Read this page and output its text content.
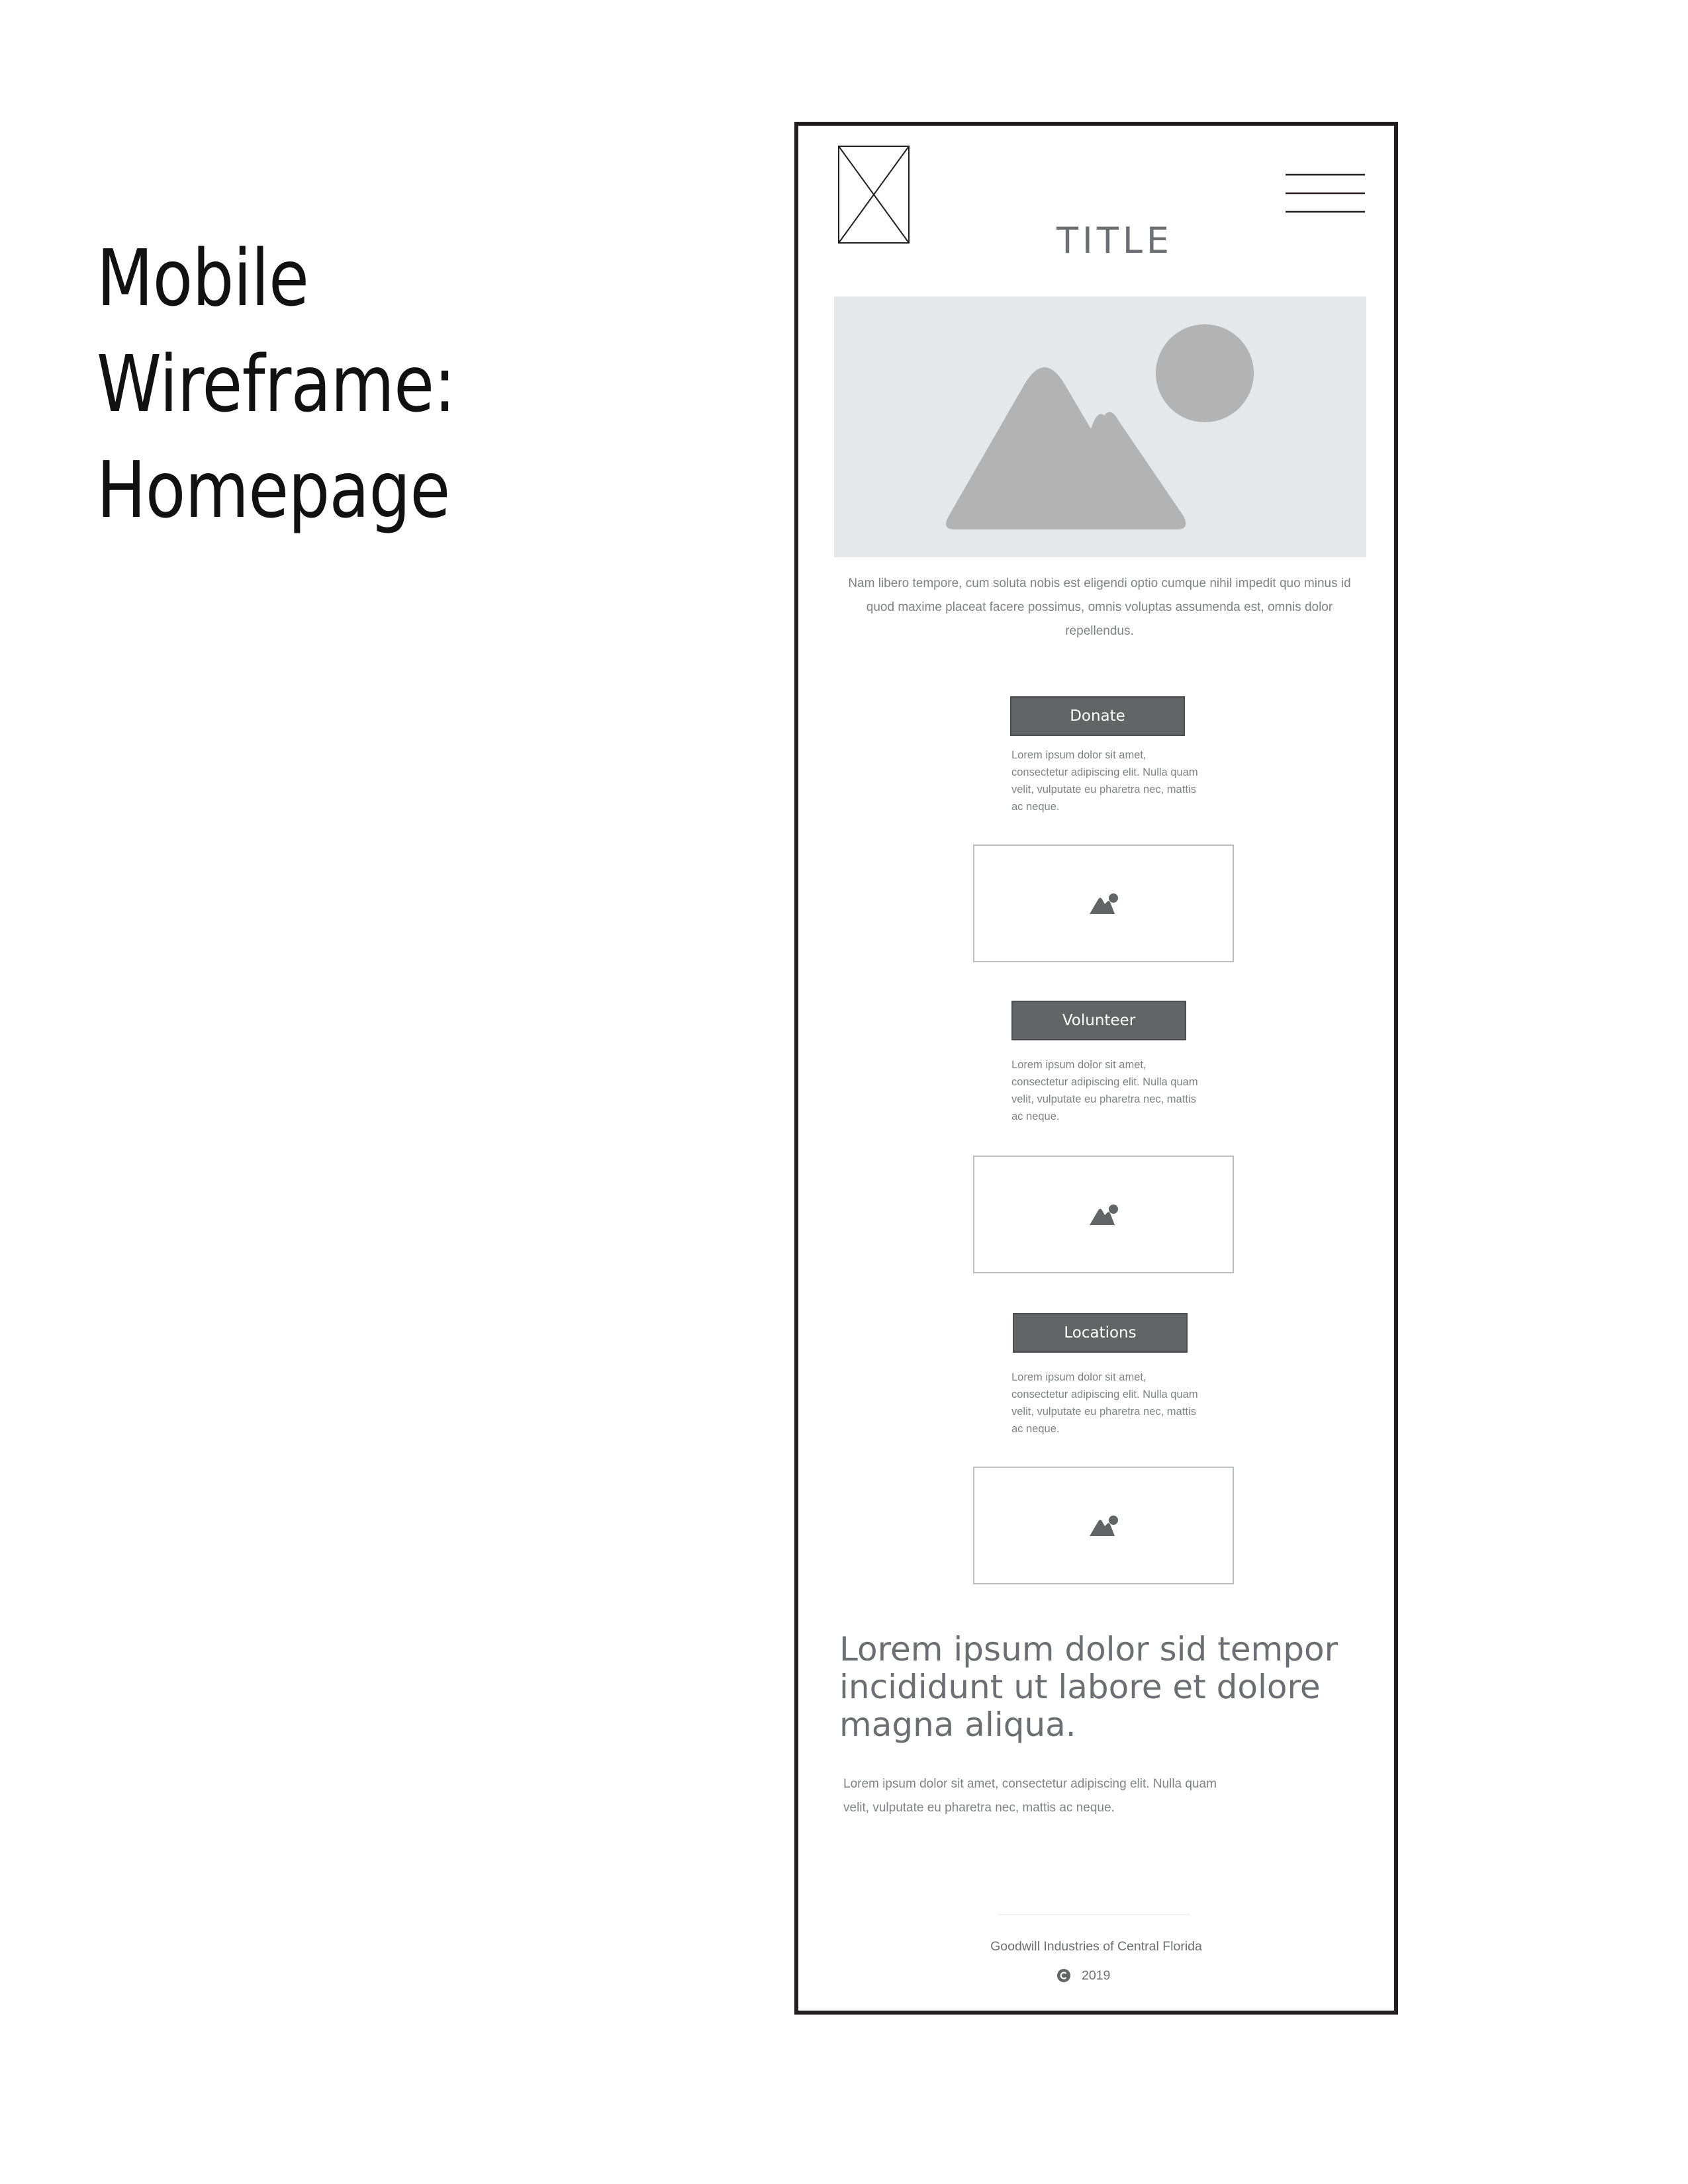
Mobile Wireframe:
Homepage
TITLE
Nam libero tempore, cum soluta nobis est eligendi optio cumque nihil impedit quo minus id quod maxime placeat facere possimus, omnis voluptas assumenda est, omnis dolor repellendus.
Donate
Lorem ipsum dolor sit amet, consectetur adipiscing elit. Nulla quam velit, vulputate eu pharetra nec, mattis ac neque.
Volunteer
Lorem ipsum dolor sit amet, consectetur adipiscing elit. Nulla quam velit, vulputate eu pharetra nec, mattis ac neque.
Locations
Lorem ipsum dolor sit amet, consectetur adipiscing elit. Nulla quam velit, vulputate eu pharetra nec, mattis ac neque.
Lorem ipsum dolor sid tempor incididunt ut labore et dolore magna aliqua.
Lorem ipsum dolor sit amet, consectetur adipiscing elit. Nulla quam velit, vulputate eu pharetra nec, mattis ac neque.
Goodwill Industries of Central Florida
2019
